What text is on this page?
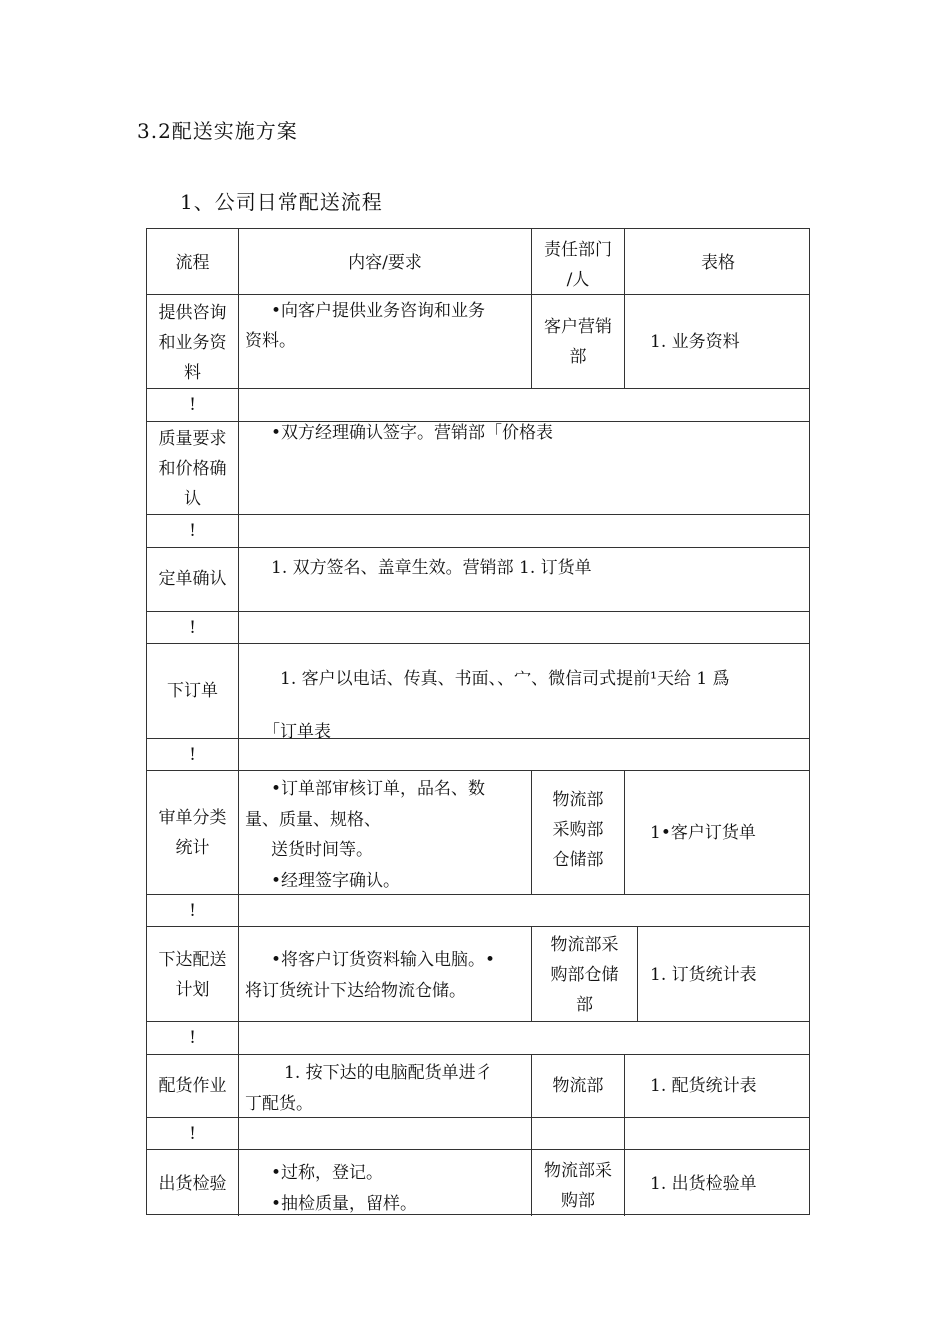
3.2配送实施方案
1、公司日常配送流程
流程	内容/要求
责任部门
/人
表格
提供咨询
和业务资
料
•向客户提供业务咨询和业务
资料。
客户营销
部
1. 业务资料
!
质量要求
和价格确
认
•双方经理确认签字。营销部「价格表
!
定单确认
1. 双方签名、盖章生效。营销部 1. 订货单
!
下订单
1. 客户以电话、传真、书面、、宀、微信司式提前¹天给 1 爲
「订单表
!
审单分类
统计
•订单部审核订单，品名、数
量、质量、规格、
送货时间等。
•经理签字确认。
物流部
采购部
仓储部
1•客户订货单
!
下达配送
计划
•将客户订货资料输入电脑。•
将订货统计下达给物流仓储。
物流部采
购部仓储
部
1. 订货统计表
!
配货作业
1. 按下达的电脑配货单进彳
丁配货。
物流部	1. 配货统计表
!
出货检验
•过称，登记。
•抽检质量，留样。
物流部采
购部
1. 出货检验单
